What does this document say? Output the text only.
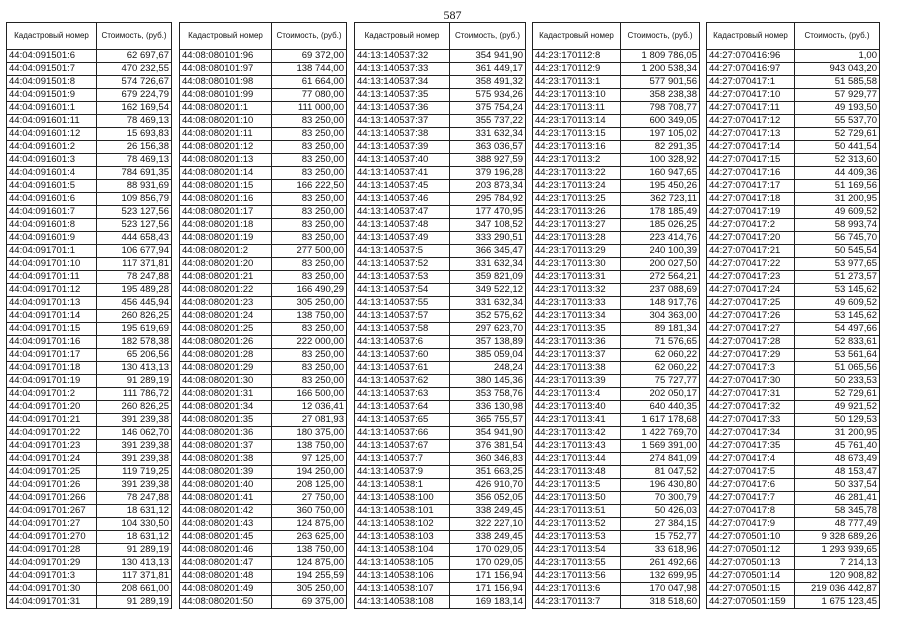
587
Кадастровый номер	Стоимость, (руб.)
44:04:091501:6	62 697,67
44:04:091501:7	470 232,55
44:04:091501:8	574 726,67
44:04:091501:9	679 224,79
44:04:091601:1	162 169,54
44:04:091601:11	78 469,13
44:04:091601:12	15 693,83
44:04:091601:2	26 156,38
44:04:091601:3	78 469,13
44:04:091601:4	784 691,35
44:04:091601:5	88 931,69
44:04:091601:6	109 856,79
44:04:091601:7	523 127,56
44:04:091601:8	523 127,56
44:04:091601:9	444 658,43
44:04:091701:1	106 677,94
44:04:091701:10	117 371,81
44:04:091701:11	78 247,88
44:04:091701:12	195 489,28
44:04:091701:13	456 445,94
44:04:091701:14	260 826,25
44:04:091701:15	195 619,69
44:04:091701:16	182 578,38
44:04:091701:17	65 206,56
44:04:091701:18	130 413,13
44:04:091701:19	91 289,19
44:04:091701:2	111 786,72
44:04:091701:20	260 826,25
44:04:091701:21	391 239,38
44:04:091701:22	146 062,70
44:04:091701:23	391 239,38
44:04:091701:24	391 239,38
44:04:091701:25	119 719,25
44:04:091701:26	391 239,38
44:04:091701:266	78 247,88
44:04:091701:267	18 631,12
44:04:091701:27	104 330,50
44:04:091701:270	18 631,12
44:04:091701:28	91 289,19
44:04:091701:29	130 413,13
44:04:091701:3	117 371,81
44:04:091701:30	208 661,00
44:04:091701:31	91 289,19
Кадастровый номер	Стоимость, (руб.)
44:08:080101:96	69 372,00
44:08:080101:97	138 744,00
44:08:080101:98	61 664,00
44:08:080101:99	77 080,00
44:08:080201:1	111 000,00
44:08:080201:10	83 250,00
44:08:080201:11	83 250,00
44:08:080201:12	83 250,00
44:08:080201:13	83 250,00
44:08:080201:14	83 250,00
44:08:080201:15	166 222,50
44:08:080201:16	83 250,00
44:08:080201:17	83 250,00
44:08:080201:18	83 250,00
44:08:080201:19	83 250,00
44:08:080201:2	277 500,00
44:08:080201:20	83 250,00
44:08:080201:21	83 250,00
44:08:080201:22	166 490,29
44:08:080201:23	305 250,00
44:08:080201:24	138 750,00
44:08:080201:25	83 250,00
44:08:080201:26	222 000,00
44:08:080201:28	83 250,00
44:08:080201:29	83 250,00
44:08:080201:30	83 250,00
44:08:080201:31	166 500,00
44:08:080201:34	12 036,41
44:08:080201:35	27 081,93
44:08:080201:36	180 375,00
44:08:080201:37	138 750,00
44:08:080201:38	97 125,00
44:08:080201:39	194 250,00
44:08:080201:40	208 125,00
44:08:080201:41	27 750,00
44:08:080201:42	360 750,00
44:08:080201:43	124 875,00
44:08:080201:45	263 625,00
44:08:080201:46	138 750,00
44:08:080201:47	124 875,00
44:08:080201:48	194 255,59
44:08:080201:49	305 250,00
44:08:080201:50	69 375,00
Кадастровый номер	Стоимость, (руб.)
44:13:140537:32	354 941,90
44:13:140537:33	361 449,17
44:13:140537:34	358 491,32
44:13:140537:35	575 934,26
44:13:140537:36	375 754,24
44:13:140537:37	355 737,22
44:13:140537:38	331 632,34
44:13:140537:39	363 036,57
44:13:140537:40	388 927,59
44:13:140537:41	379 196,28
44:13:140537:45	203 873,34
44:13:140537:46	295 784,92
44:13:140537:47	177 470,95
44:13:140537:48	347 108,52
44:13:140537:49	333 290,51
44:13:140537:5	366 345,47
44:13:140537:52	331 632,34
44:13:140537:53	359 821,09
44:13:140537:54	349 522,12
44:13:140537:55	331 632,34
44:13:140537:57	352 575,62
44:13:140537:58	297 623,70
44:13:140537:6	357 138,89
44:13:140537:60	385 059,04
44:13:140537:61	248,24
44:13:140537:62	380 145,36
44:13:140537:63	353 758,76
44:13:140537:64	336 130,98
44:13:140537:65	365 755,57
44:13:140537:66	354 941,90
44:13:140537:67	376 381,54
44:13:140537:7	360 346,83
44:13:140537:9	351 663,25
44:13:140538:1	426 910,70
44:13:140538:100	356 052,05
44:13:140538:101	338 249,45
44:13:140538:102	322 227,10
44:13:140538:103	338 249,45
44:13:140538:104	170 029,05
44:13:140538:105	170 029,05
44:13:140538:106	171 156,94
44:13:140538:107	171 156,94
44:13:140538:108	169 183,14
Кадастровый номер	Стоимость, (руб.)
44:23:170112:8	1 809 786,05
44:23:170112:9	1 200 538,34
44:23:170113:1	577 901,56
44:23:170113:10	358 238,38
44:23:170113:11	798 708,77
44:23:170113:14	600 349,05
44:23:170113:15	197 105,02
44:23:170113:16	82 291,35
44:23:170113:2	100 328,92
44:23:170113:22	160 947,65
44:23:170113:24	195 450,26
44:23:170113:25	362 723,11
44:23:170113:26	178 185,49
44:23:170113:27	185 026,25
44:23:170113:28	223 414,76
44:23:170113:29	240 100,39
44:23:170113:30	200 027,50
44:23:170113:31	272 564,21
44:23:170113:32	237 088,69
44:23:170113:33	148 917,76
44:23:170113:34	304 363,00
44:23:170113:35	89 181,34
44:23:170113:36	71 576,65
44:23:170113:37	62 060,22
44:23:170113:38	62 060,22
44:23:170113:39	75 727,77
44:23:170113:4	202 050,17
44:23:170113:40	640 440,35
44:23:170113:41	1 617 178,68
44:23:170113:42	1 422 769,70
44:23:170113:43	1 569 391,00
44:23:170113:44	274 841,09
44:23:170113:48	81 047,52
44:23:170113:5	196 430,80
44:23:170113:50	70 300,79
44:23:170113:51	50 426,03
44:23:170113:52	27 384,15
44:23:170113:53	15 752,77
44:23:170113:54	33 618,96
44:23:170113:55	261 492,66
44:23:170113:56	132 699,95
44:23:170113:6	170 047,98
44:23:170113:7	318 518,60
Кадастровый номер	Стоимость, (руб.)
44:27:070416:96	1,00
44:27:070416:97	943 043,20
44:27:070417:1	51 585,58
44:27:070417:10	57 929,77
44:27:070417:11	49 193,50
44:27:070417:12	55 537,70
44:27:070417:13	52 729,61
44:27:070417:14	50 441,54
44:27:070417:15	52 313,60
44:27:070417:16	44 409,36
44:27:070417:17	51 169,56
44:27:070417:18	31 200,95
44:27:070417:19	49 609,52
44:27:070417:2	58 993,74
44:27:070417:20	56 745,70
44:27:070417:21	50 545,54
44:27:070417:22	53 977,65
44:27:070417:23	51 273,57
44:27:070417:24	53 145,62
44:27:070417:25	49 609,52
44:27:070417:26	53 145,62
44:27:070417:27	54 497,66
44:27:070417:28	52 833,61
44:27:070417:29	53 561,64
44:27:070417:3	51 065,56
44:27:070417:30	50 233,53
44:27:070417:31	52 729,61
44:27:070417:32	49 921,52
44:27:070417:33	50 129,53
44:27:070417:34	31 200,95
44:27:070417:35	45 761,40
44:27:070417:4	48 673,49
44:27:070417:5	48 153,47
44:27:070417:6	50 337,54
44:27:070417:7	46 281,41
44:27:070417:8	58 345,78
44:27:070417:9	48 777,49
44:27:070501:10	9 328 689,26
44:27:070501:12	1 293 939,65
44:27:070501:13	7 214,13
44:27:070501:14	120 908,82
44:27:070501:15	219 036 442,87
44:27:070501:159	1 675 123,45
